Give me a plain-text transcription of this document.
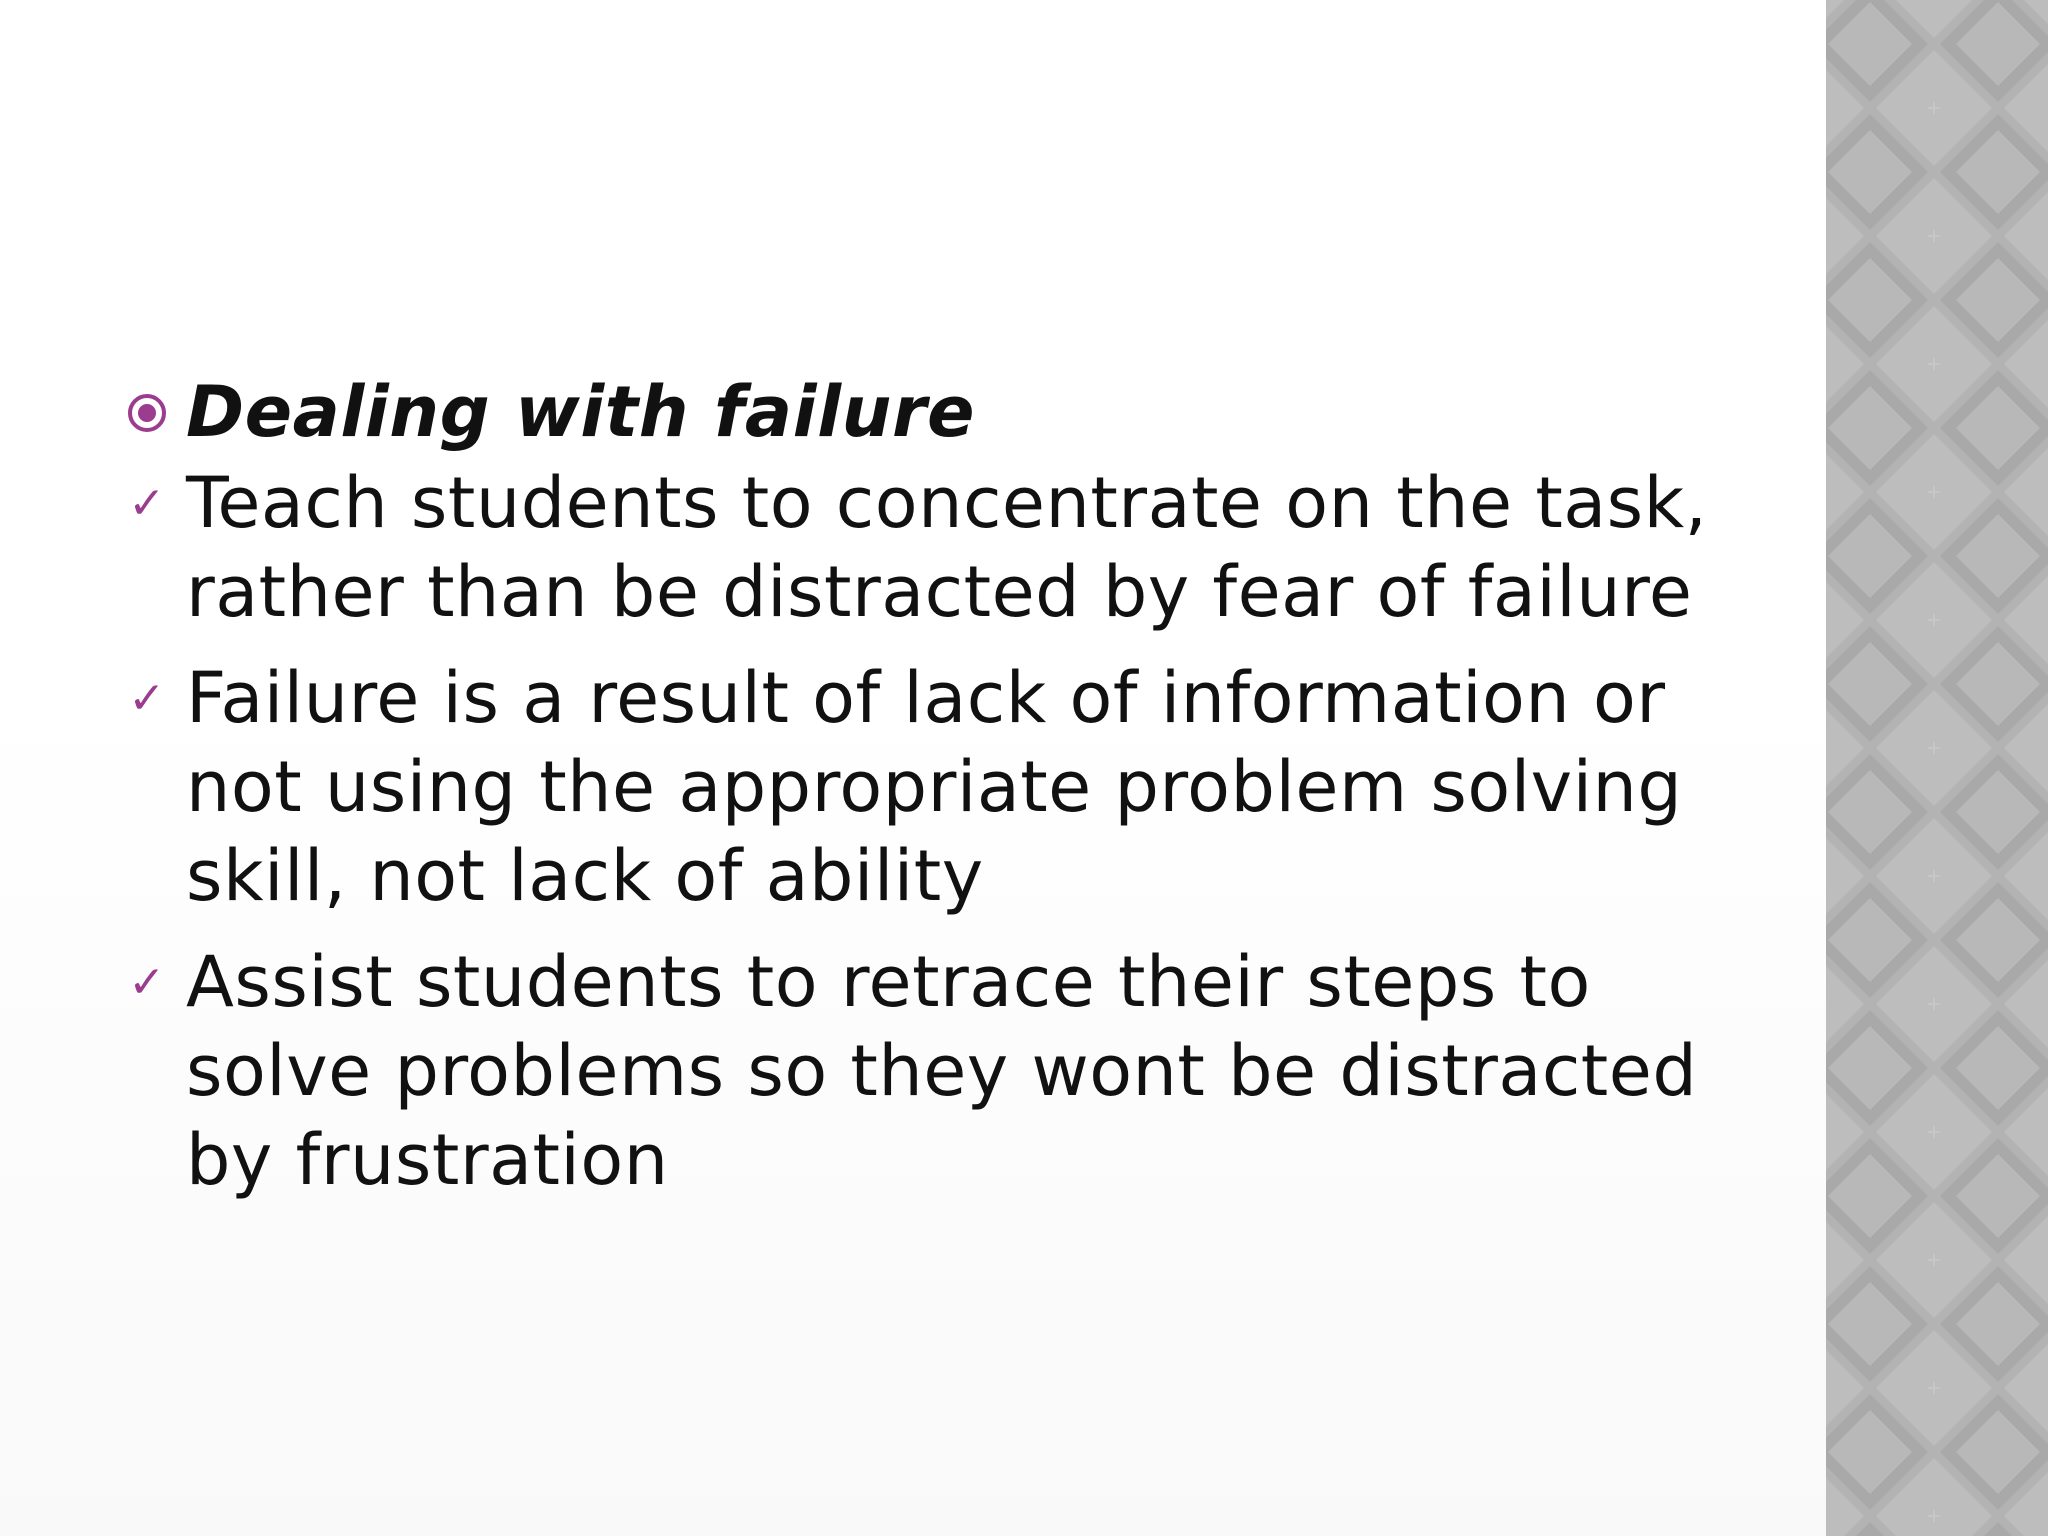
Dealing with failure
✓ Teach students to concentrate on the task, rather than be distracted by fear of failure
✓ Failure is a result of lack of information or not using the appropriate problem solving skill, not lack of ability
✓ Assist students to retrace their steps to solve problems so they wont be distracted by frustration
